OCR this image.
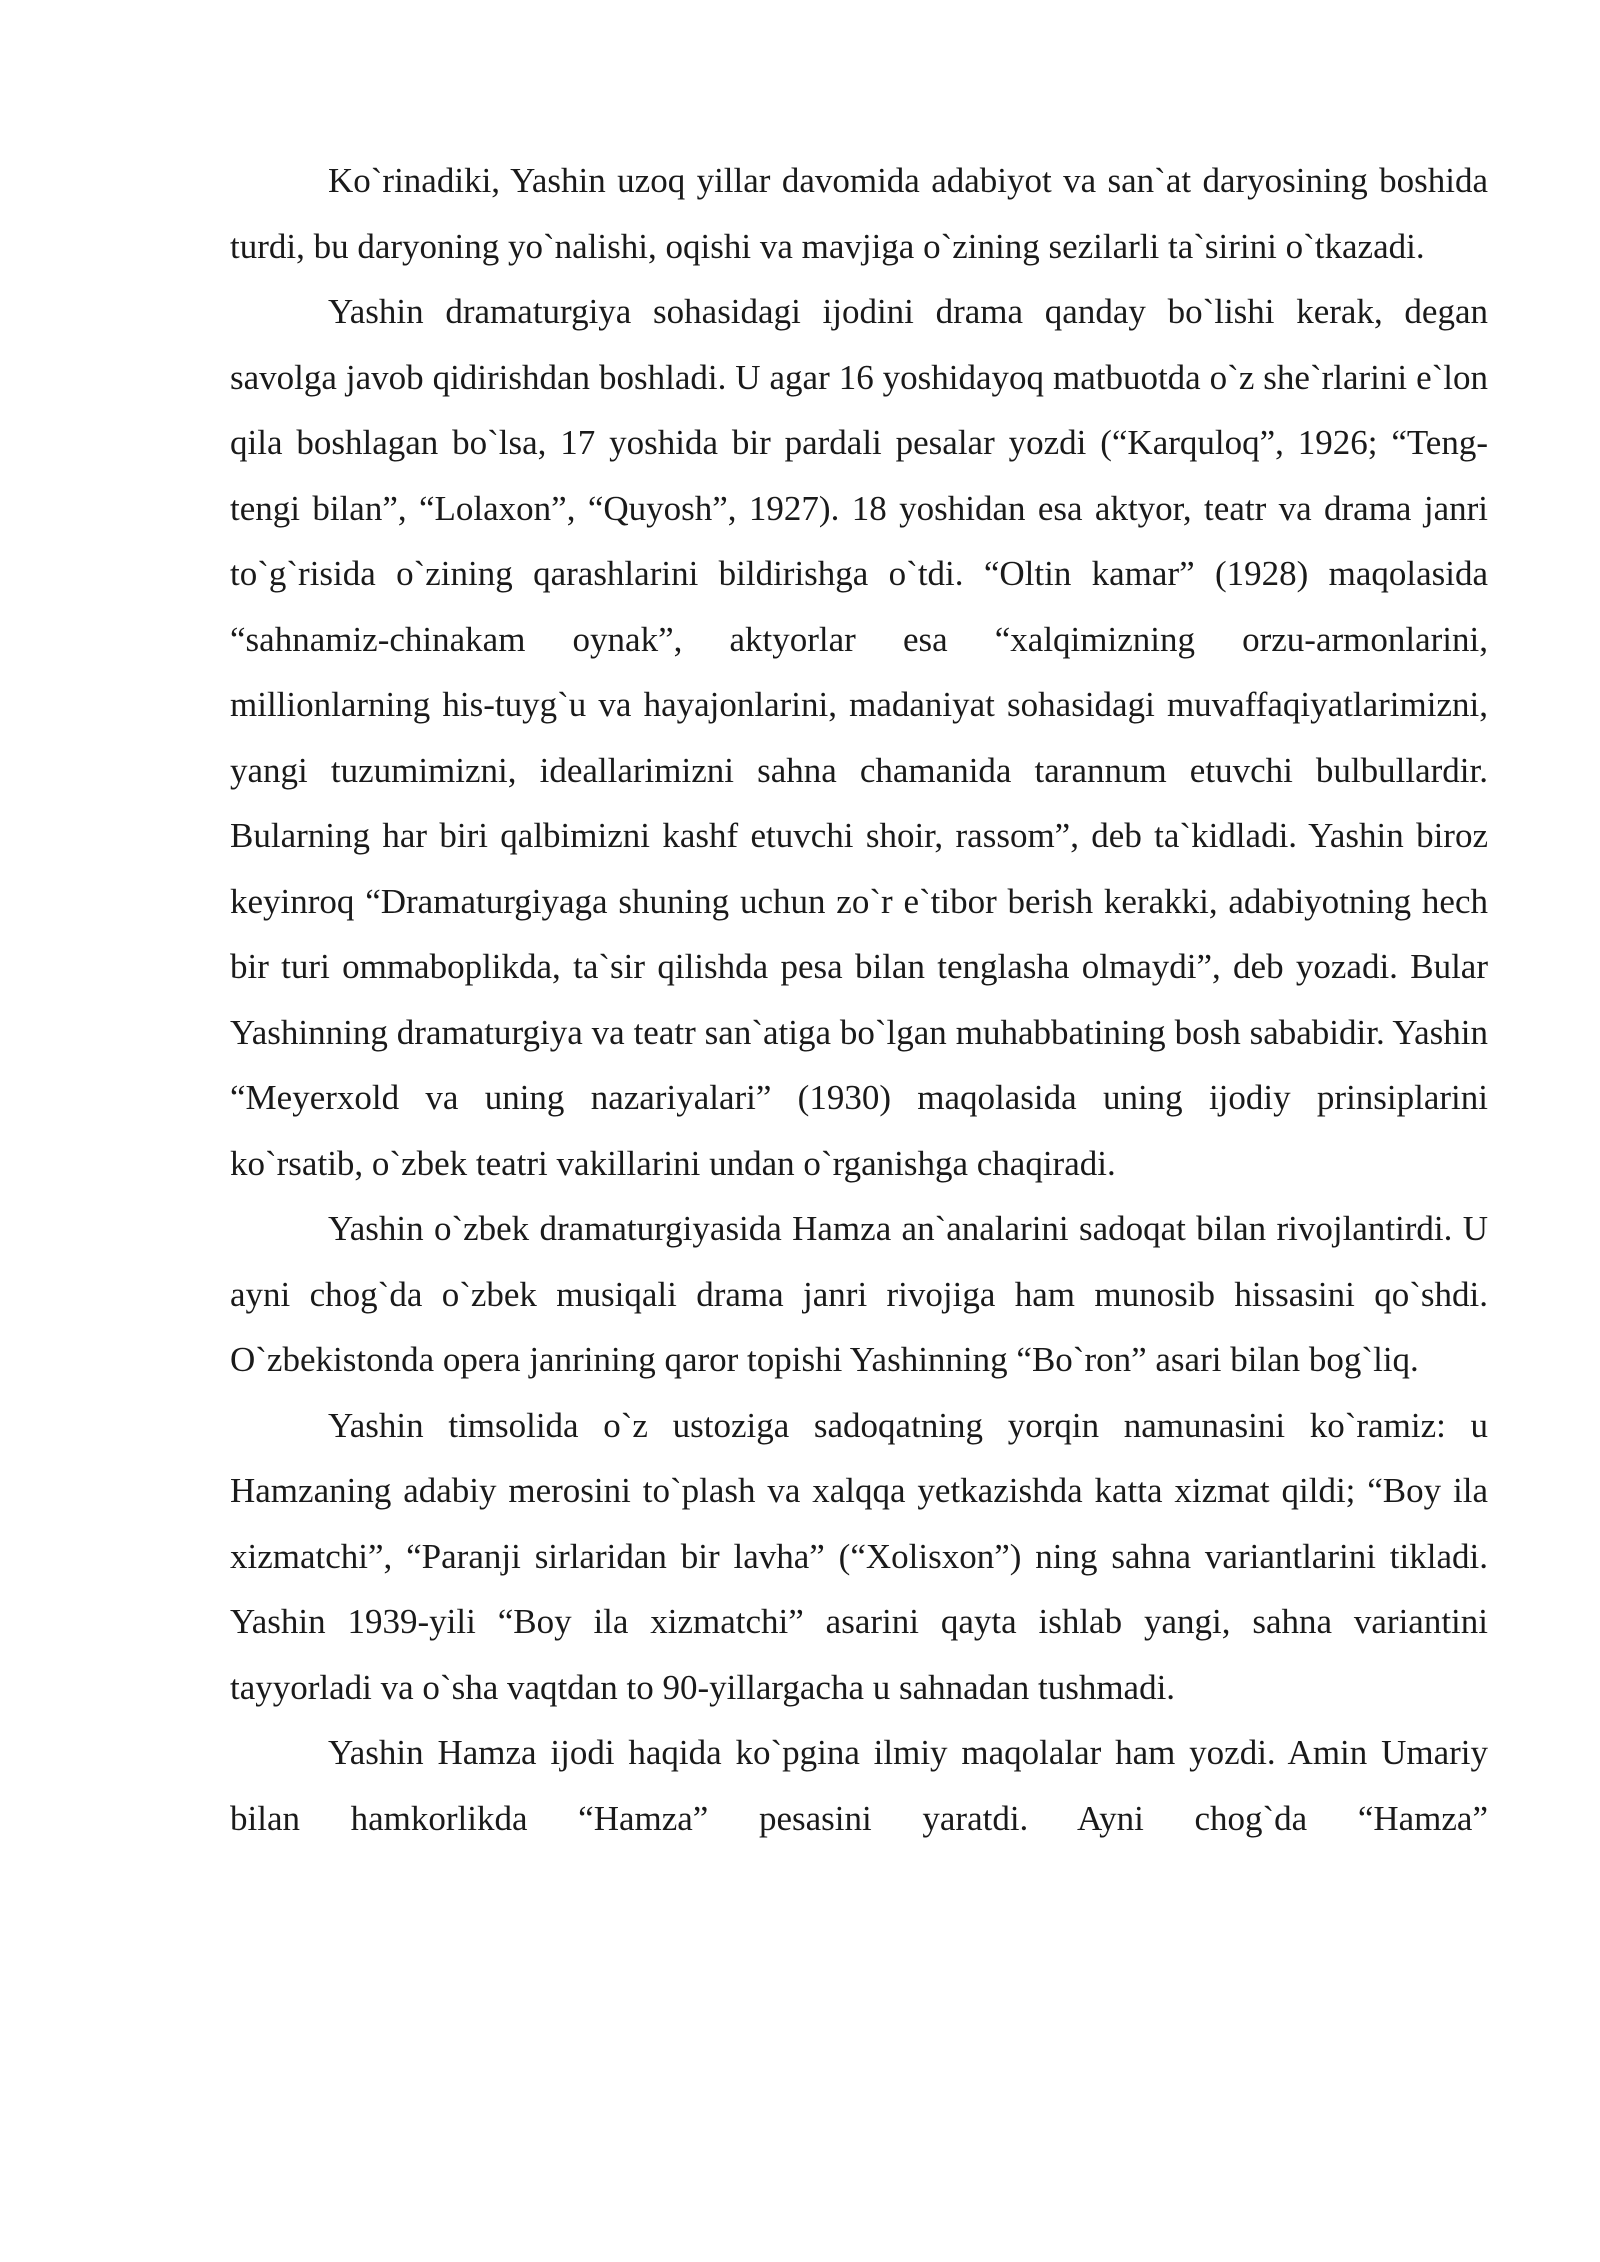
Ko`rinadiki, Yashin uzoq yillar davomida adabiyot va san`at daryosining boshida turdi, bu daryoning yo`nalishi, oqishi va mavjiga o`zining sezilarli ta`sirini o`tkazadi.

Yashin dramaturgiya sohasidagi ijodini drama qanday bo`lishi kerak, degan savolga javob qidirishdan boshladi. U agar 16 yoshidayoq matbuotda o`z she`rlarini e`lon qila boshlagan bo`lsa, 17 yoshida bir pardali pesalar yozdi (“Karquloq”, 1926; “Teng-tengi bilan”, “Lolaxon”, “Quyosh”, 1927). 18 yoshidan esa aktyor, teatr va drama janri to`g`risida o`zining qarashlarini bildirishga o`tdi. “Oltin kamar” (1928) maqolasida “sahnamiz-chinakam oynak”, aktyorlar esa “xalqimizning orzu-armonlarini, millionlarning his-tuyg`u va hayajonlarini, madaniyat sohasidagi muvaffaqiyatlarimizni, yangi tuzumimizni, ideallarimizni sahna chamanida tarannum etuvchi bulbullardir. Bularning har biri qalbimizni kashf etuvchi shoir, rassom”, deb ta`kidladi. Yashin biroz keyinroq “Dramaturgiyaga shuning uchun zo`r e`tibor berish kerakki, adabiyotning hech bir turi ommaboplikda, ta`sir qilishda pesa bilan tenglasha olmaydi”, deb yozadi. Bular Yashinning dramaturgiya va teatr san`atiga bo`lgan muhabbatining bosh sababidir. Yashin “Meyerxold va uning nazariyalari” (1930) maqolasida uning ijodiy prinsiplarini ko`rsatib, o`zbek teatri vakillarini undan o`rganishga chaqiradi.

Yashin o`zbek dramaturgiyasida Hamza an`analarini sadoqat bilan rivojlantirdi. U ayni chog`da o`zbek musiqali drama janri rivojiga ham munosib hissasini qo`shdi. O`zbekistonda opera janrining qaror topishi Yashinning “Bo`ron” asari bilan bog`liq.

Yashin timsolida o`z ustoziga sadoqatning yorqin namunasini ko`ramiz: u Hamzaning adabiy merosini to`plash va xalqqa yetkazishda katta xizmat qildi; “Boy ila xizmatchi”, “Paranji sirlaridan bir lavha” (“Xolisxon”) ning sahna variantlarini tikladi. Yashin 1939-yili “Boy ila xizmatchi” asarini qayta ishlab yangi, sahna variantini tayyorladi va o`sha vaqtdan to 90-yillargacha u sahnadan tushmadi.

Yashin Hamza ijodi haqida ko`pgina ilmiy maqolalar ham yozdi. Amin Umariy bilan hamkorlikda “Hamza” pesasini yaratdi. Ayni chog`da “Hamza”
